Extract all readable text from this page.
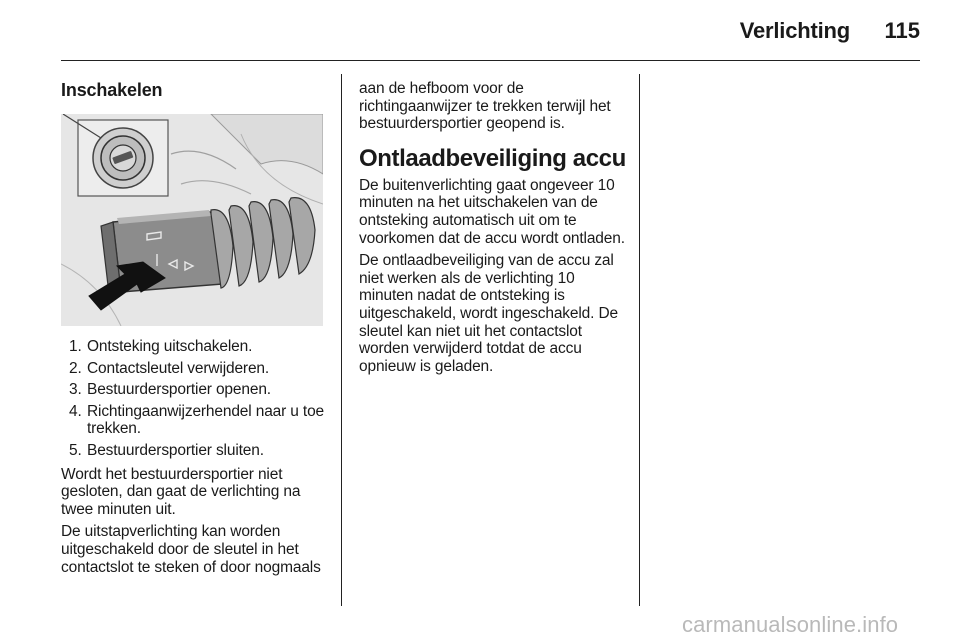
Verlichting	115
Inschakelen
1. Ontsteking uitschakelen.
2. Contactsleutel verwijderen.
3. Bestuurdersportier openen.
4. Richtingaanwijzerhendel naar u toe trekken.
5. Bestuurdersportier sluiten.

Wordt het bestuurdersportier niet gesloten, dan gaat de verlichting na twee minuten uit.

De uitstapverlichting kan worden uitgeschakeld door de sleutel in het contactslot te steken of door nogmaals

aan de hefboom voor de richtingaanwijzer te trekken terwijl het bestuurdersportier geopend is.

Ontlaadbeveiliging accu

De buitenverlichting gaat ongeveer 10 minuten na het uitschakelen van de ontsteking automatisch uit om te voorkomen dat de accu wordt ontladen.

De ontlaadbeveiliging van de accu zal niet werken als de verlichting 10 minuten nadat de ontsteking is uitgeschakeld, wordt ingeschakeld. De sleutel kan niet uit het contactslot worden verwijderd totdat de accu opnieuw is geladen.

carmanualsonline.info
